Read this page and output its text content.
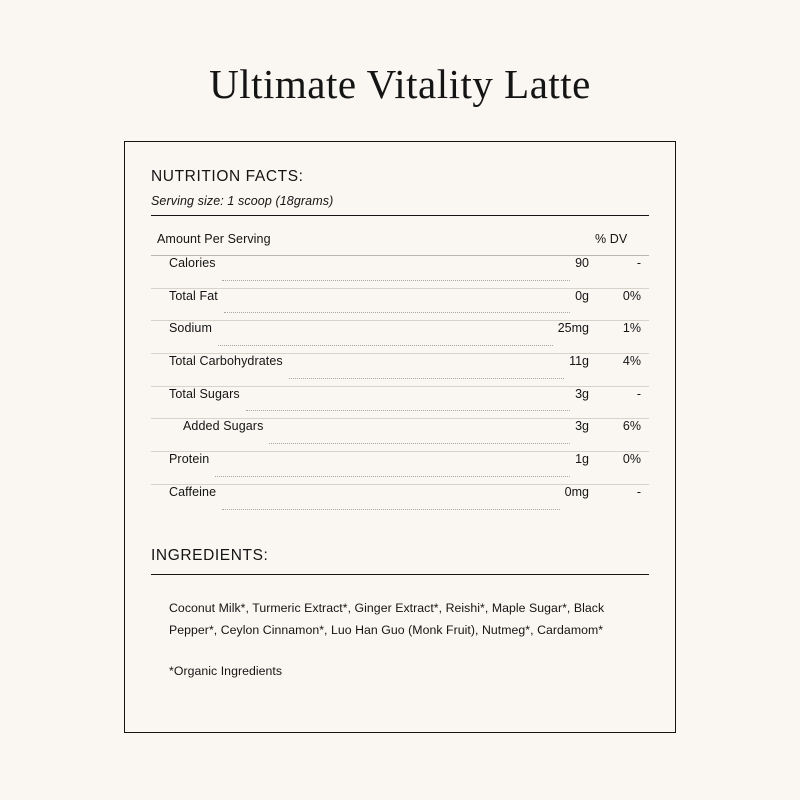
Ultimate Vitality Latte
NUTRITION FACTS:
Serving size: 1 scoop (18grams)
Amount Per Serving	% DV
Calories	90	-

Total Fat	0g	0%

Sodium	25mg	1%

Total Carbohydrates	11g	4%

Total Sugars	3g	-

Added Sugars	3g	6%

Protein	1g	0%

Caffeine	0mg	-
INGREDIENTS:

Coconut Milk*, Turmeric Extract*, Ginger Extract*, Reishi*, Maple Sugar*, Black Pepper*, Ceylon Cinnamon*, Luo Han Guo (Monk Fruit), Nutmeg*, Cardamom*

*Organic Ingredients
